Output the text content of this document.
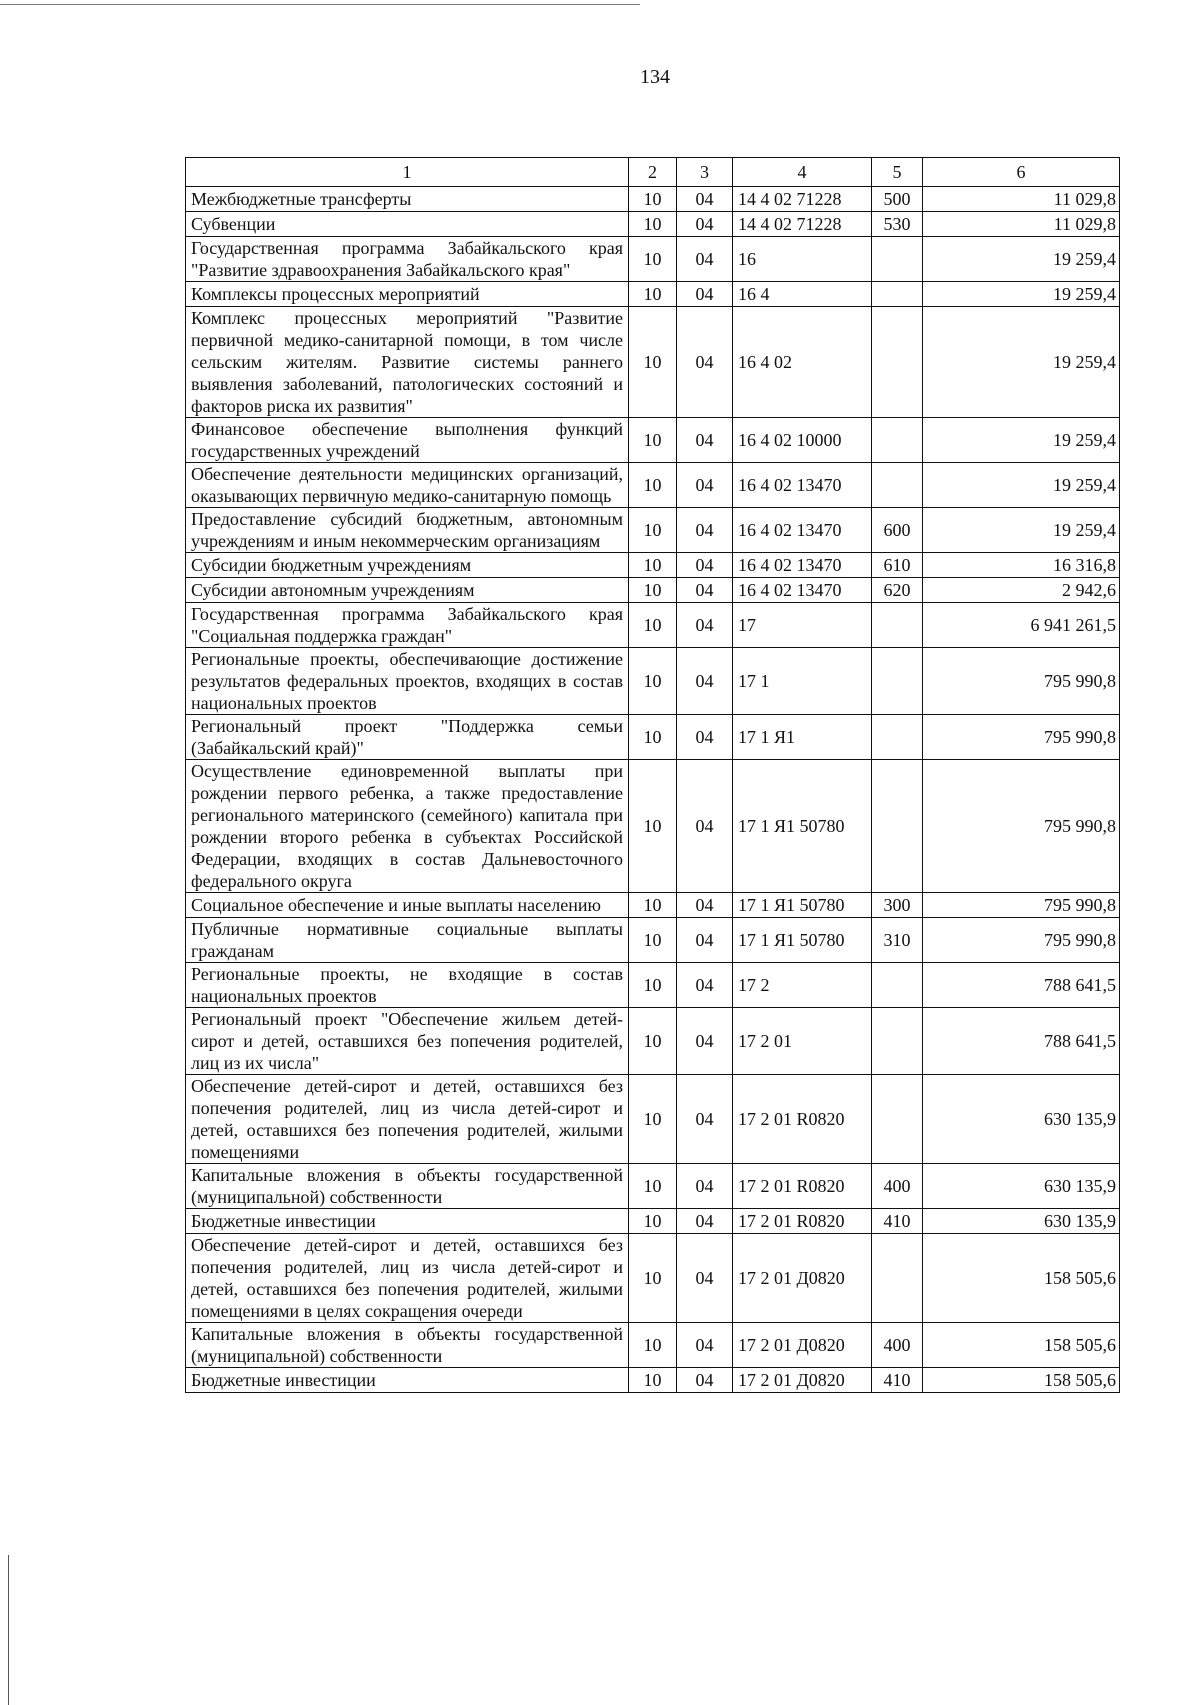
134
1	2	3	4	5	6
Межбюджетные трансферты	10	04	14 4 02 71228	500	11 029,8
Субвенции	10	04	14 4 02 71228	530	11 029,8
Государственная программа Забайкальского края "Развитие здравоохранения Забайкальского края"	10	04	16		19 259,4
Комплексы процессных мероприятий	10	04	16 4		19 259,4
Комплекс процессных мероприятий "Развитие первичной медико-санитарной помощи, в том числе сельским жителям. Развитие системы раннего выявления заболеваний, патологических состояний и факторов риска их развития"	10	04	16 4 02		19 259,4
Финансовое обеспечение выполнения функций государственных учреждений	10	04	16 4 02 10000		19 259,4
Обеспечение деятельности медицинских организаций, оказывающих первичную медико-санитарную помощь	10	04	16 4 02 13470		19 259,4
Предоставление субсидий бюджетным, автономным учреждениям и иным некоммерческим организациям	10	04	16 4 02 13470	600	19 259,4
Субсидии бюджетным учреждениям	10	04	16 4 02 13470	610	16 316,8
Субсидии автономным учреждениям	10	04	16 4 02 13470	620	2 942,6
Государственная программа Забайкальского края "Социальная поддержка граждан"	10	04	17		6 941 261,5
Региональные проекты, обеспечивающие достижение результатов федеральных проектов, входящих в состав национальных проектов	10	04	17 1		795 990,8
Региональный проект "Поддержка семьи (Забайкальский край)"	10	04	17 1 Я1		795 990,8
Осуществление единовременной выплаты при рождении первого ребенка, а также предоставление регионального материнского (семейного) капитала при рождении второго ребенка в субъектах Российской Федерации, входящих в состав Дальневосточного федерального округа	10	04	17 1 Я1 50780		795 990,8
Социальное обеспечение и иные выплаты населению	10	04	17 1 Я1 50780	300	795 990,8
Публичные нормативные социальные выплаты гражданам	10	04	17 1 Я1 50780	310	795 990,8
Региональные проекты, не входящие в состав национальных проектов	10	04	17 2		788 641,5
Региональный проект "Обеспечение жильем детей-сирот и детей, оставшихся без попечения родителей, лиц из их числа"	10	04	17 2 01		788 641,5
Обеспечение детей-сирот и детей, оставшихся без попечения родителей, лиц из числа детей-сирот и детей, оставшихся без попечения родителей, жилыми помещениями	10	04	17 2 01 R0820		630 135,9
Капитальные вложения в объекты государственной (муниципальной) собственности	10	04	17 2 01 R0820	400	630 135,9
Бюджетные инвестиции	10	04	17 2 01 R0820	410	630 135,9
Обеспечение детей-сирот и детей, оставшихся без попечения родителей, лиц из числа детей-сирот и детей, оставшихся без попечения родителей, жилыми помещениями в целях сокращения очереди	10	04	17 2 01 Д0820		158 505,6
Капитальные вложения в объекты государственной (муниципальной) собственности	10	04	17 2 01 Д0820	400	158 505,6
Бюджетные инвестиции	10	04	17 2 01 Д0820	410	158 505,6
